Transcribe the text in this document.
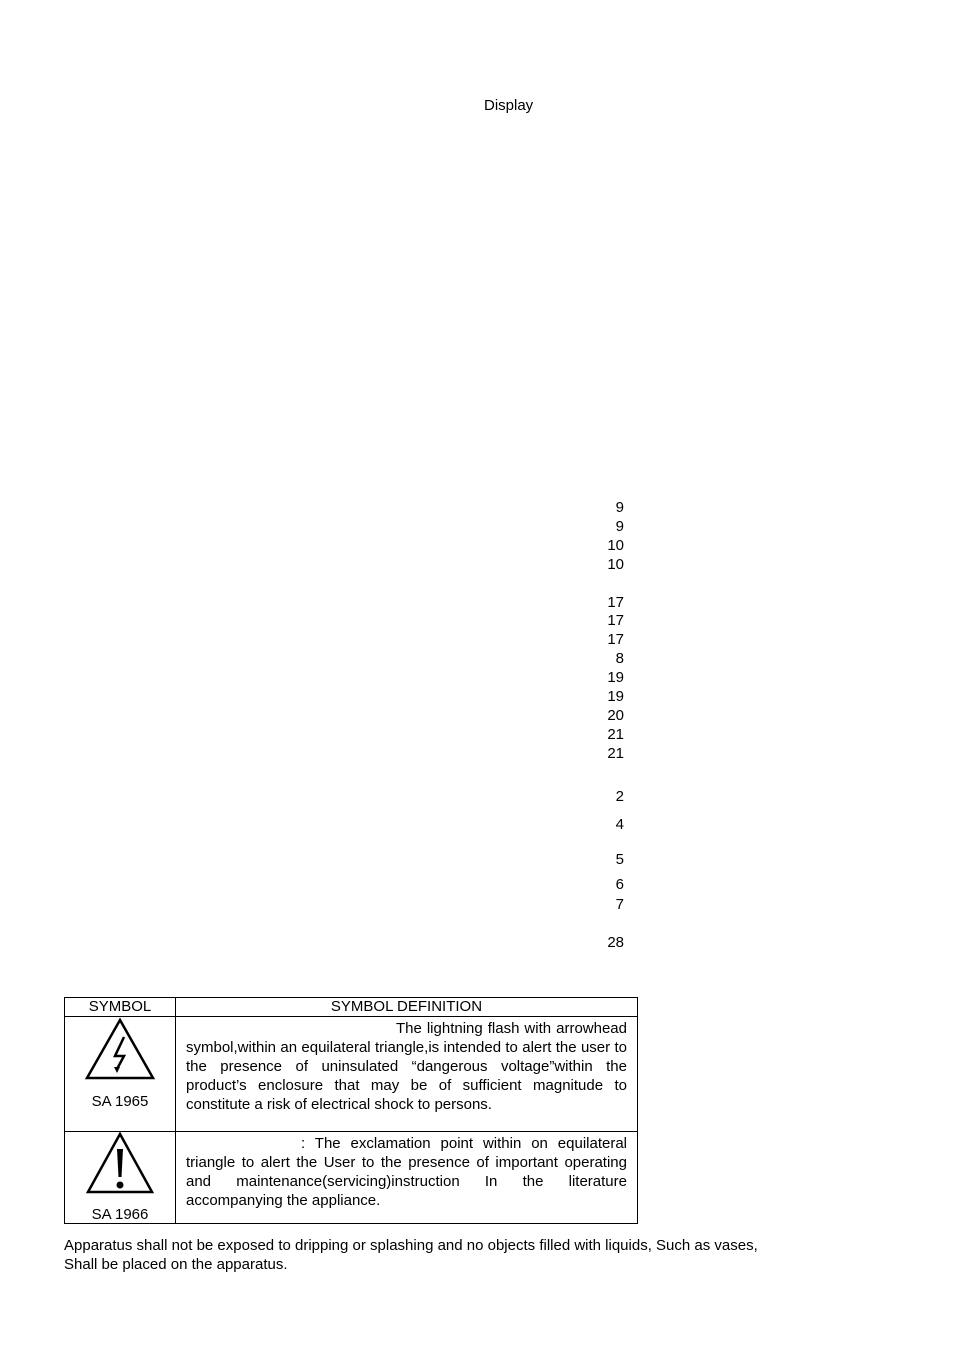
Display
9
9
10
10
17
17
17
8
19
19
20
21
21
2
4
5
6
7
28
SYMBOL	SYMBOL DEFINITION

SA 1965	The lightning flash with arrowhead symbol,within an equilateral triangle,is intended to alert the user to the presence of uninsulated “dangerous voltage”within the product’s enclosure that may be of sufficient magnitude to constitute a risk of electrical shock to persons.

SA 1966	: The exclamation point within on equilateral triangle to alert the User to the presence of important operating and maintenance(servicing)instruction In the literature accompanying the appliance.
Apparatus shall not be exposed to dripping or splashing and no objects filled with liquids, Such as vases, Shall be placed on the apparatus.
